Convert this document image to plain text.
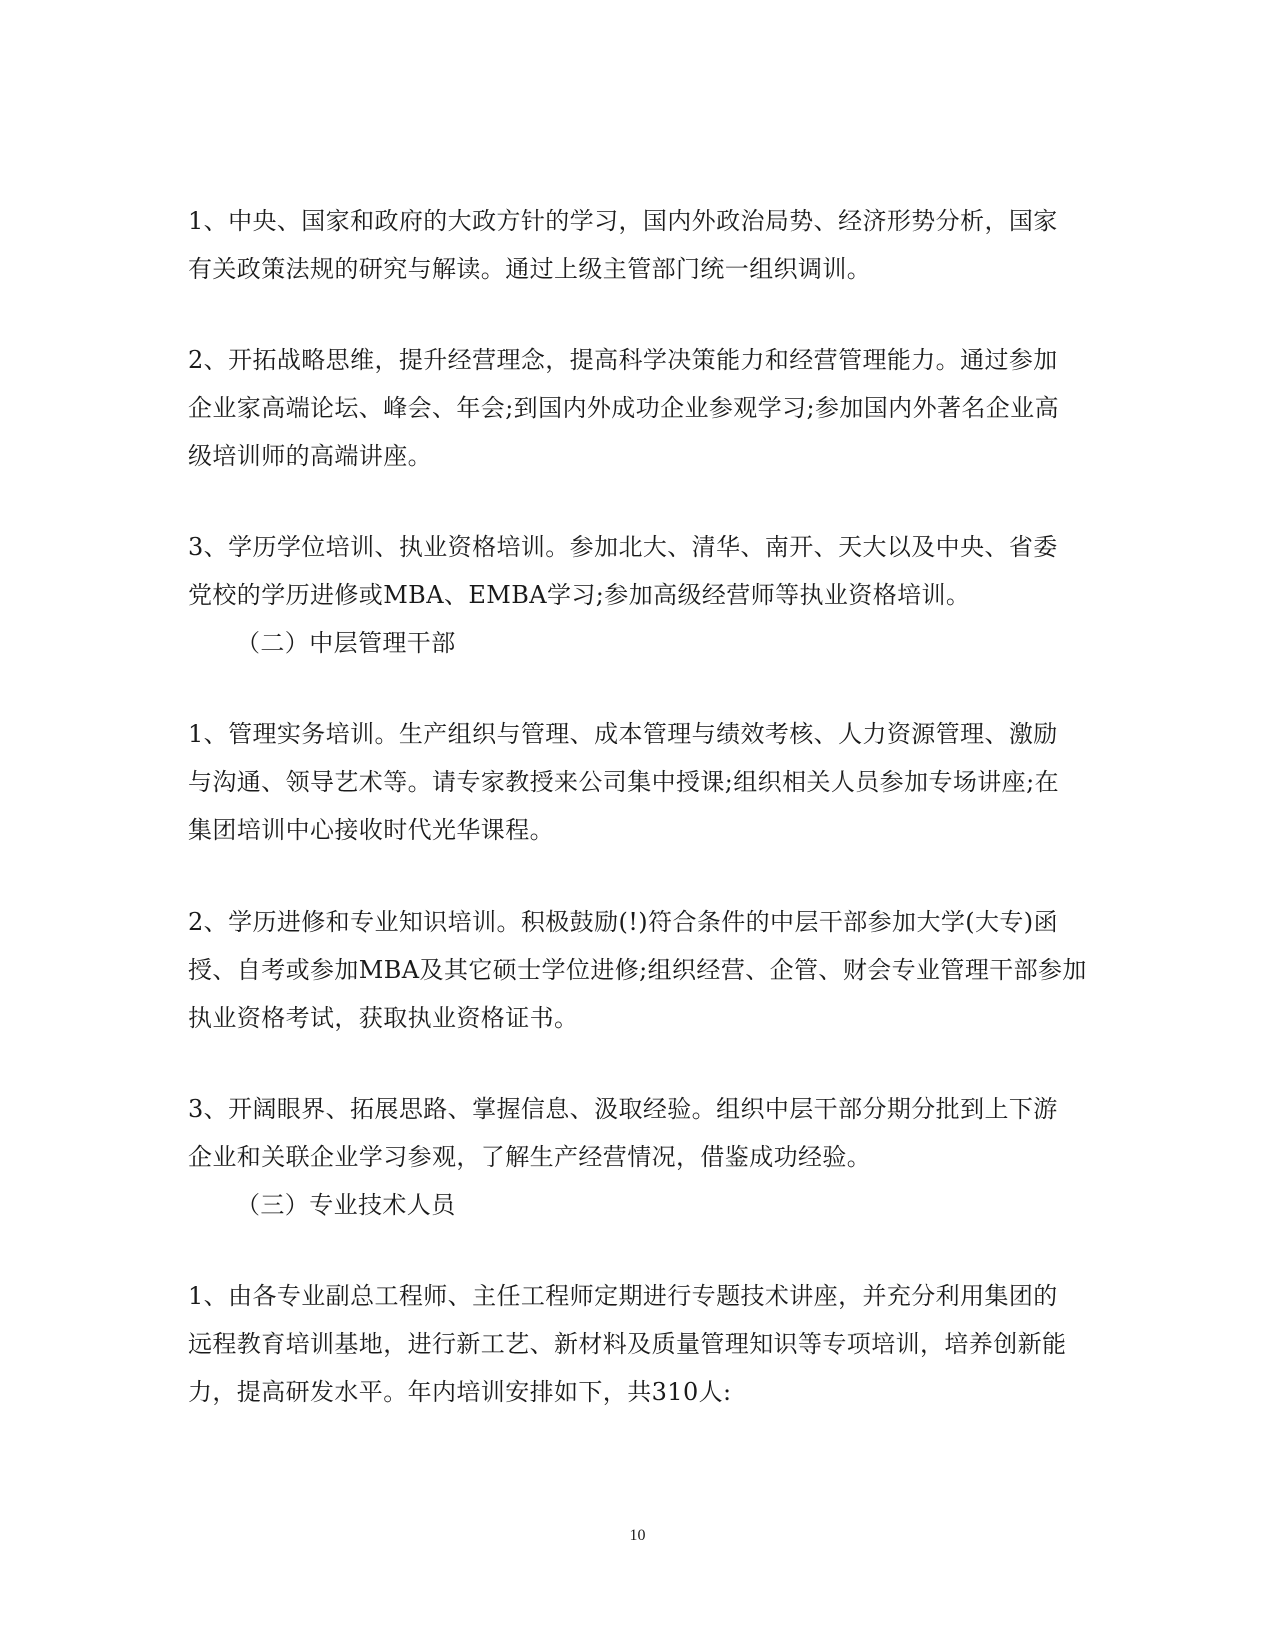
1、中央、国家和政府的大政方针的学习，国内外政治局势、经济形势分析，国家
有关政策法规的研究与解读。通过上级主管部门统一组织调训。
2、开拓战略思维，提升经营理念，提高科学决策能力和经营管理能力。通过参加
企业家高端论坛、峰会、年会;到国内外成功企业参观学习;参加国内外著名企业高
级培训师的高端讲座。
3、学历学位培训、执业资格培训。参加北大、清华、南开、天大以及中央、省委
党校的学历进修或MBA、EMBA学习;参加高级经营师等执业资格培训。
（二）中层管理干部
1、管理实务培训。生产组织与管理、成本管理与绩效考核、人力资源管理、激励
与沟通、领导艺术等。请专家教授来公司集中授课;组织相关人员参加专场讲座;在
集团培训中心接收时代光华课程。
2、学历进修和专业知识培训。积极鼓励(!)符合条件的中层干部参加大学(大专)函
授、自考或参加MBA及其它硕士学位进修;组织经营、企管、财会专业管理干部参加
执业资格考试，获取执业资格证书。
3、开阔眼界、拓展思路、掌握信息、汲取经验。组织中层干部分期分批到上下游
企业和关联企业学习参观，了解生产经营情况，借鉴成功经验。
（三）专业技术人员
1、由各专业副总工程师、主任工程师定期进行专题技术讲座，并充分利用集团的
远程教育培训基地，进行新工艺、新材料及质量管理知识等专项培训，培养创新能
力，提高研发水平。年内培训安排如下，共310人:
10
